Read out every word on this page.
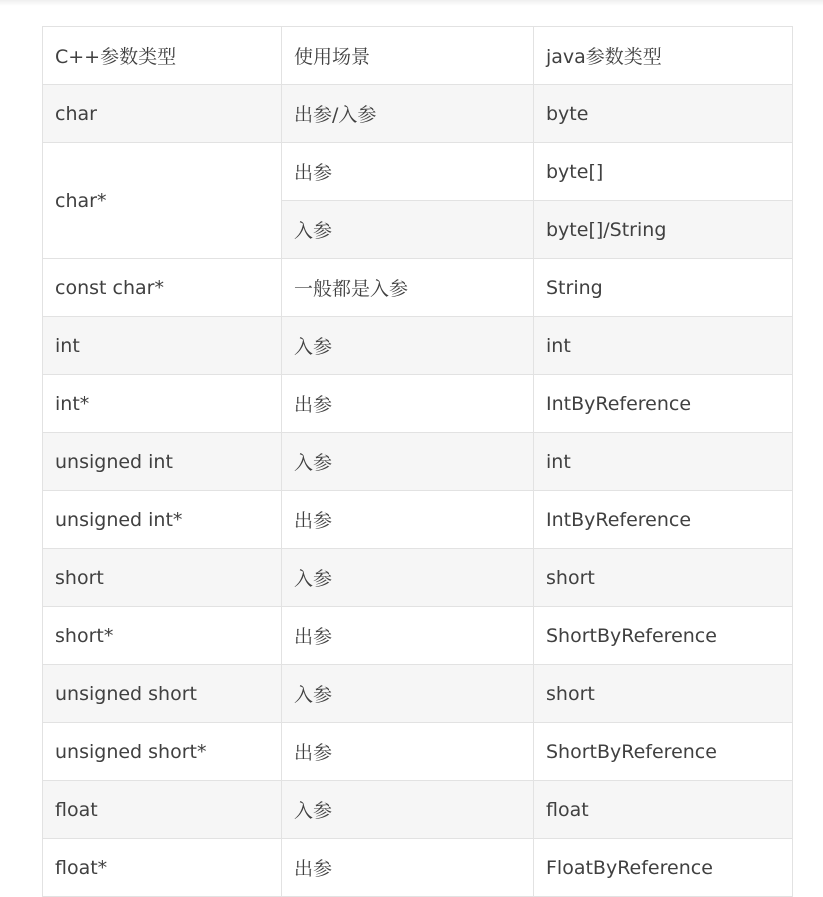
C++参数类型	使用场景	java参数类型
char	出参/入参	byte
char*	出参	byte[]
	入参	byte[]/String
const char*	一般都是入参	String
int	入参	int
int*	出参	IntByReference
unsigned int	入参	int
unsigned int*	出参	IntByReference
short	入参	short
short*	出参	ShortByReference
unsigned short	入参	short
unsigned short*	出参	ShortByReference
float	入参	float
float*	出参	FloatByReference
